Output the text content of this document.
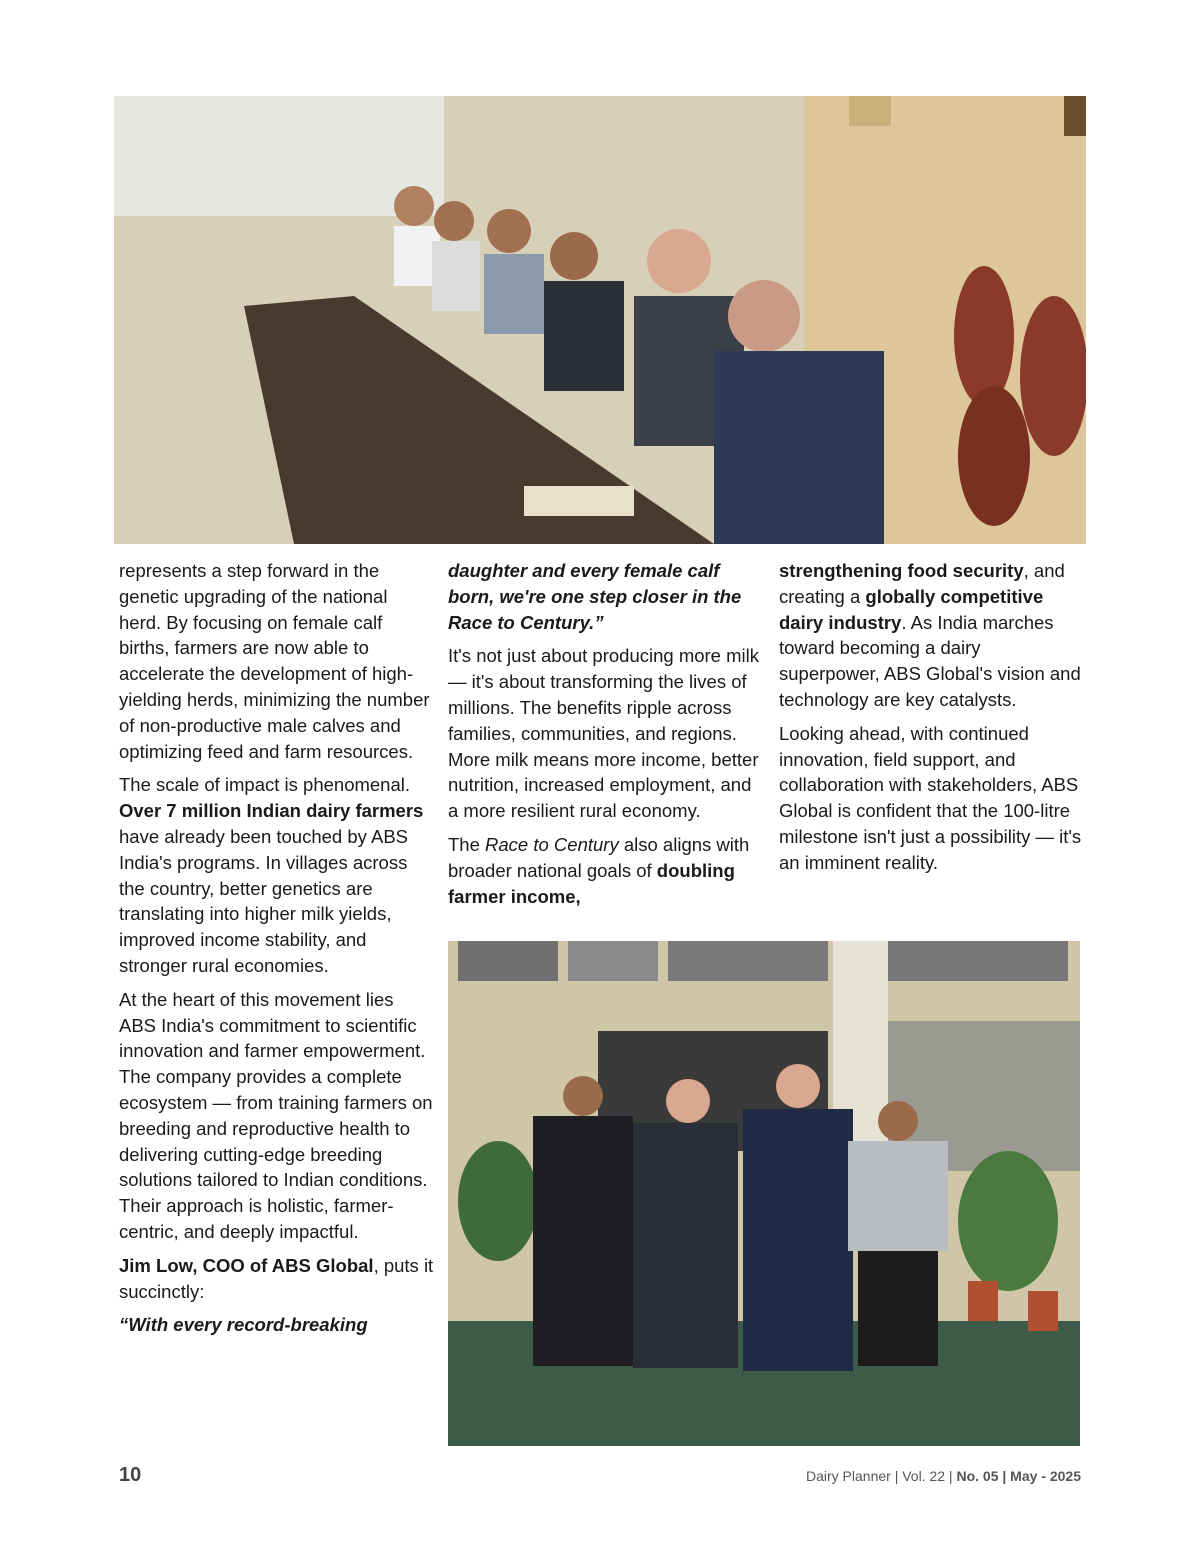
represents a step forward in the genetic upgrading of the national herd. By focusing on female calf births, farmers are now able to accelerate the development of high-yielding herds, minimizing the number of non-productive male calves and optimizing feed and farm resources.

The scale of impact is phenomenal. Over 7 million Indian dairy farmers have already been touched by ABS India's programs. In villages across the country, better genetics are translating into higher milk yields, improved income stability, and stronger rural economies.

At the heart of this movement lies ABS India's commitment to scientific innovation and farmer empowerment. The company provides a complete ecosystem — from training farmers on breeding and reproductive health to delivering cutting-edge breeding solutions tailored to Indian conditions. Their approach is holistic, farmer-centric, and deeply impactful.

Jim Low, COO of ABS Global, puts it succinctly:

“With every record-breaking

daughter and every female calf born, we're one step closer in the Race to Century.”

It's not just about producing more milk — it's about transforming the lives of millions. The benefits ripple across families, communities, and regions. More milk means more income, better nutrition, increased employment, and a more resilient rural economy.

The Race to Century also aligns with broader national goals of doubling farmer income,

strengthening food security, and creating a globally competitive dairy industry. As India marches toward becoming a dairy superpower, ABS Global's vision and technology are key catalysts.

Looking ahead, with continued innovation, field support, and collaboration with stakeholders, ABS Global is confident that the 100-litre milestone isn't just a possibility — it's an imminent reality.

10	Dairy Planner | Vol. 22 | No. 05 | May - 2025
